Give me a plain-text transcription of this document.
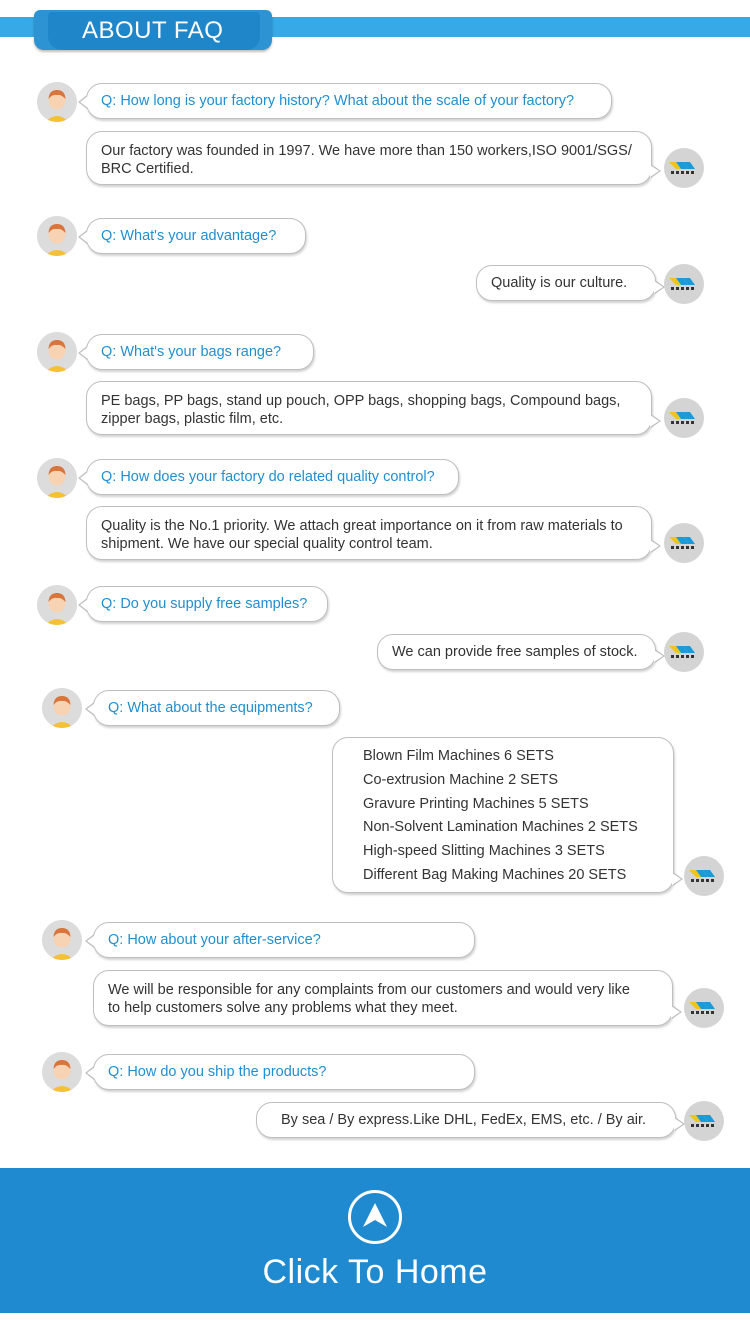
ABOUT FAQ
Q: How long is your factory history? What about the scale of your factory?
Our factory was founded in 1997. We have more than 150 workers,ISO 9001/SGS/
BRC Certified.
Q: What's your advantage?
Quality is our culture.
Q: What's your bags range?
PE bags, PP bags, stand up pouch, OPP bags, shopping bags, Compound bags,
zipper bags, plastic film, etc.
Q: How does your factory do related quality control?
Quality is the No.1 priority. We attach great importance on it from raw materials to
shipment. We have our special quality control team.
Q: Do you supply free samples?
We can provide free samples of stock.
Q: What about the equipments?
Blown Film Machines 6 SETS
Co-extrusion Machine 2 SETS
Gravure Printing Machines 5 SETS
Non-Solvent Lamination Machines 2 SETS
High-speed Slitting Machines 3 SETS
Different Bag Making Machines 20 SETS
Q: How about your after-service?
We will be responsible for any complaints from our customers and would very like
to help customers solve any problems what they meet.
Q: How do you ship the products?
By sea / By express.Like DHL, FedEx, EMS, etc. / By air.
Click To Home
